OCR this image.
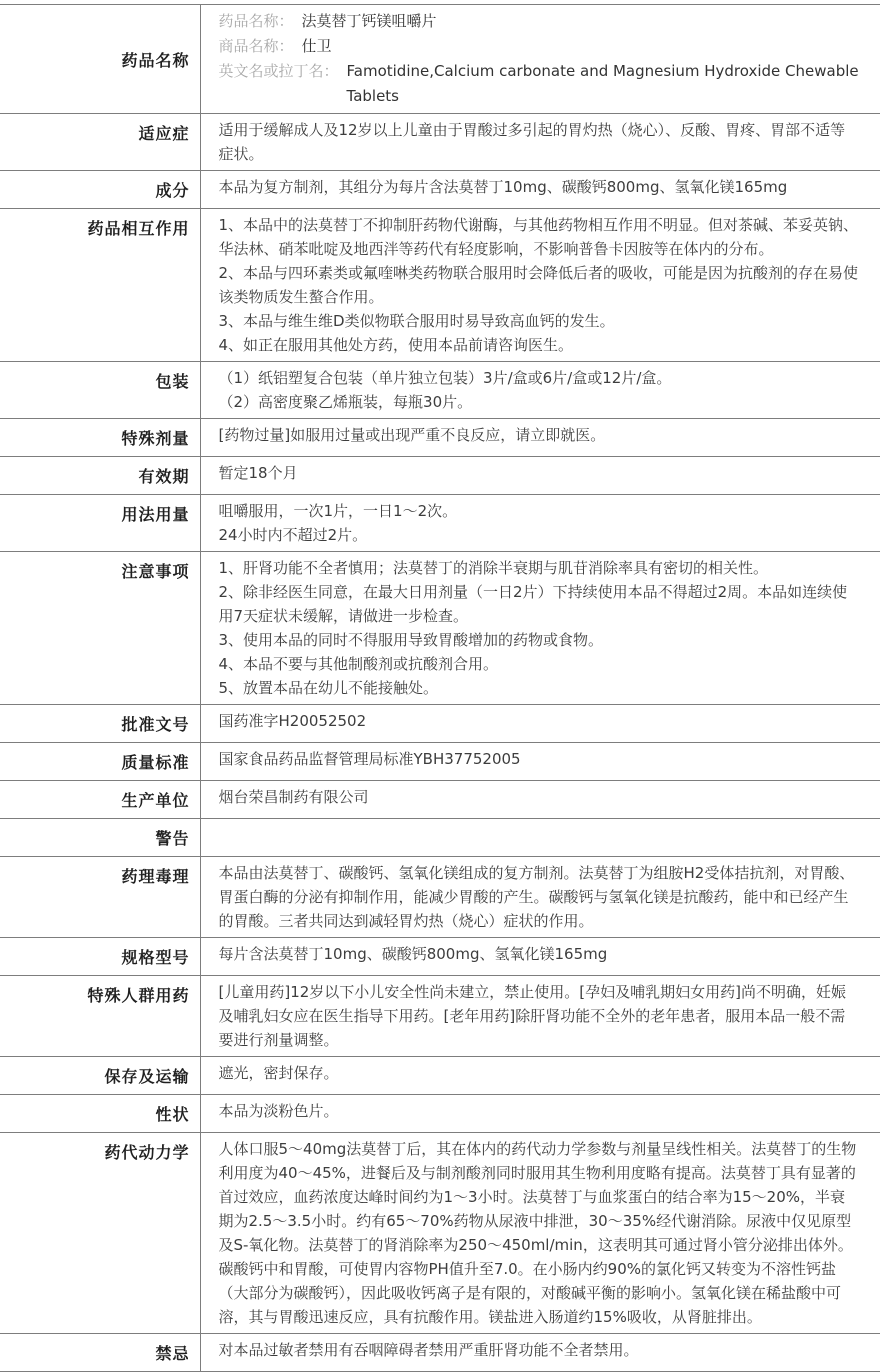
药品名称	
药品名称： 法莫替丁钙镁咀嚼片
商品名称： 仕卫
英文名或拉丁名： Famotidine,Calcium carbonate and Magnesium Hydroxide Chewable Tablets

适应症	适用于缓解成人及12岁以上儿童由于胃酸过多引起的胃灼热（烧心）、反酸、胃疼、胃部不适等症状。

成分	本品为复方制剂，其组分为每片含法莫替丁10mg、碳酸钙800mg、氢氧化镁165mg

药品相互作用	1、本品中的法莫替丁不抑制肝药物代谢酶，与其他药物相互作用不明显。但对茶碱、苯妥英钠、华法林、硝苯吡啶及地西泮等药代有轻度影响，不影响普鲁卡因胺等在体内的分布。
2、本品与四环素类或氟喹啉类药物联合服用时会降低后者的吸收，可能是因为抗酸剂的存在易使该类物质发生螯合作用。
3、本品与维生维D类似物联合服用时易导致高血钙的发生。
4、如正在服用其他处方药，使用本品前请咨询医生。

包装	（1）纸铝塑复合包装（单片独立包装）3片/盒或6片/盒或12片/盒。
（2）高密度聚乙烯瓶装，每瓶30片。

特殊剂量	[药物过量]如服用过量或出现严重不良反应，请立即就医。

有效期	暂定18个月

用法用量	咀嚼服用，一次1片，一日1～2次。
24小时内不超过2片。

注意事项	1、肝肾功能不全者慎用；法莫替丁的消除半衰期与肌苷消除率具有密切的相关性。
2、除非经医生同意，在最大日用剂量（一日2片）下持续使用本品不得超过2周。本品如连续使用7天症状未缓解，请做进一步检查。
3、使用本品的同时不得服用导致胃酸增加的药物或食物。
4、本品不要与其他制酸剂或抗酸剂合用。
5、放置本品在幼儿不能接触处。

批准文号	国药准字H20052502

质量标准	国家食品药品监督管理局标准YBH37752005

生产单位	烟台荣昌制药有限公司

警告	

药理毒理	本品由法莫替丁、碳酸钙、氢氧化镁组成的复方制剂。法莫替丁为组胺H2受体拮抗剂，对胃酸、胃蛋白酶的分泌有抑制作用，能减少胃酸的产生。碳酸钙与氢氧化镁是抗酸药，能中和已经产生的胃酸。三者共同达到减轻胃灼热（烧心）症状的作用。

规格型号	每片含法莫替丁10mg、碳酸钙800mg、氢氧化镁165mg

特殊人群用药	[儿童用药]12岁以下小儿安全性尚未建立，禁止使用。[孕妇及哺乳期妇女用药]尚不明确，妊娠及哺乳妇女应在医生指导下用药。[老年用药]除肝肾功能不全外的老年患者，服用本品一般不需要进行剂量调整。

保存及运输	遮光，密封保存。

性状	本品为淡粉色片。

药代动力学	人体口服5～40mg法莫替丁后，其在体内的药代动力学参数与剂量呈线性相关。法莫替丁的生物利用度为40～45%，进餐后及与制剂酸剂同时服用其生物利用度略有提高。法莫替丁具有显著的首过效应，血药浓度达峰时间约为1～3小时。法莫替丁与血浆蛋白的结合率为15～20%，半衰期为2.5～3.5小时。约有65～70%药物从尿液中排泄，30～35%经代谢消除。尿液中仅见原型及S-氧化物。法莫替丁的肾消除率为250～450ml/min，这表明其可通过肾小管分泌排出体外。碳酸钙中和胃酸，可使胃内容物PH值升至7.0。在小肠内约90%的氯化钙又转变为不溶性钙盐（大部分为碳酸钙），因此吸收钙离子是有限的，对酸碱平衡的影响小。氢氧化镁在稀盐酸中可溶，其与胃酸迅速反应，具有抗酸作用。镁盐进入肠道约15%吸收，从肾脏排出。

禁忌	对本品过敏者禁用有吞咽障碍者禁用严重肝肾功能不全者禁用。
